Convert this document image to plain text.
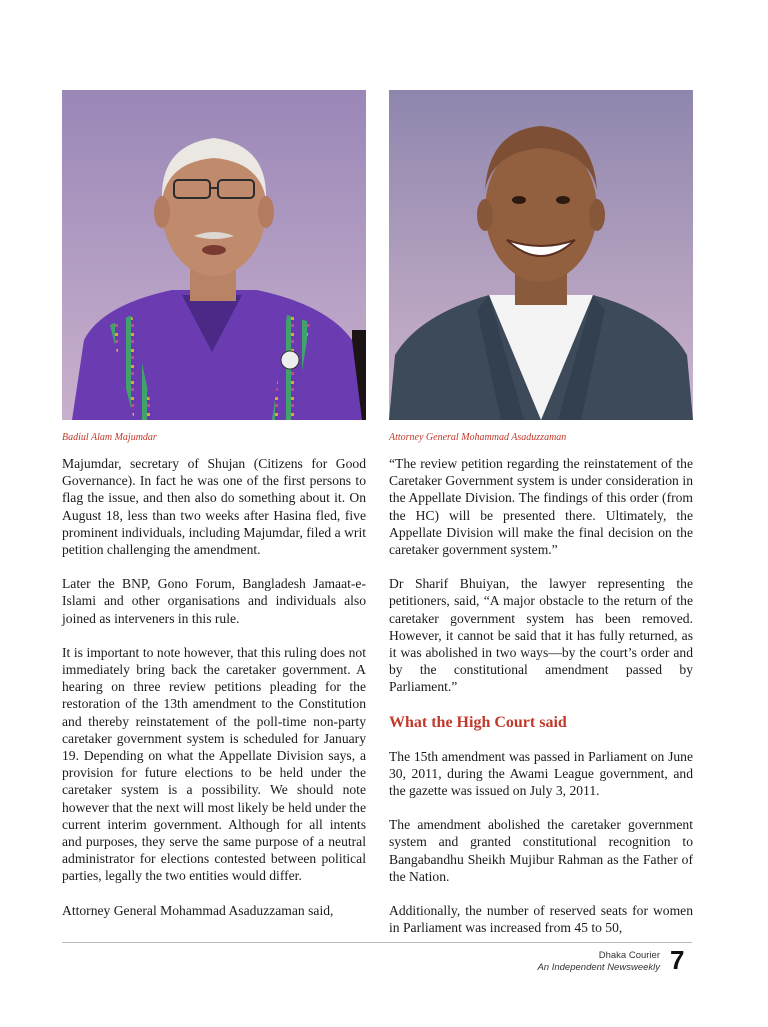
Badiul Alam Majumdar	Attorney General Mohammad Asaduzzaman

Majumdar, secretary of Shujan (Citizens for Good Governance). In fact he was one of the first persons to flag the issue, and then also do something about it. On August 18, less than two weeks after Hasina fled, five prominent individuals, including Majumdar, filed a writ petition challenging the amendment.

Later the BNP, Gono Forum, Bangladesh Jamaat-e-Islami and other organisations and individuals also joined as interveners in this rule.

It is important to note however, that this ruling does not immediately bring back the caretaker government. A hearing on three review petitions pleading for the restoration of the 13th amendment to the Constitution and thereby reinstatement of the poll-time non-party caretaker government system is scheduled for January 19. Depending on what the Appellate Division says, a provision for future elections to be held under the caretaker system is a possibility. We should note however that the next will most likely be held under the current interim government. Although for all intents and purposes, they serve the same purpose of a neutral administrator for elections contested between political parties, legally the two entities would differ.

Attorney General Mohammad Asaduzzaman said,

“The review petition regarding the reinstatement of the Caretaker Government system is under consideration in the Appellate Division. The findings of this order (from the HC) will be presented there. Ultimately, the Appellate Division will make the final decision on the caretaker government system.”

Dr Sharif Bhuiyan, the lawyer representing the petitioners, said, “A major obstacle to the return of the caretaker government system has been removed. However, it cannot be said that it has fully returned, as it was abolished in two ways—by the court’s order and by the constitutional amendment passed by Parliament.”

What the High Court said

The 15th amendment was passed in Parliament on June 30, 2011, during the Awami League government, and the gazette was issued on July 3, 2011.

The amendment abolished the caretaker government system and granted constitutional recognition to Bangabandhu Sheikh Mujibur Rahman as the Father of the Nation.

Additionally, the number of reserved seats for women in Parliament was increased from 45 to 50,

Dhaka Courier
An Independent Newsweekly 7
